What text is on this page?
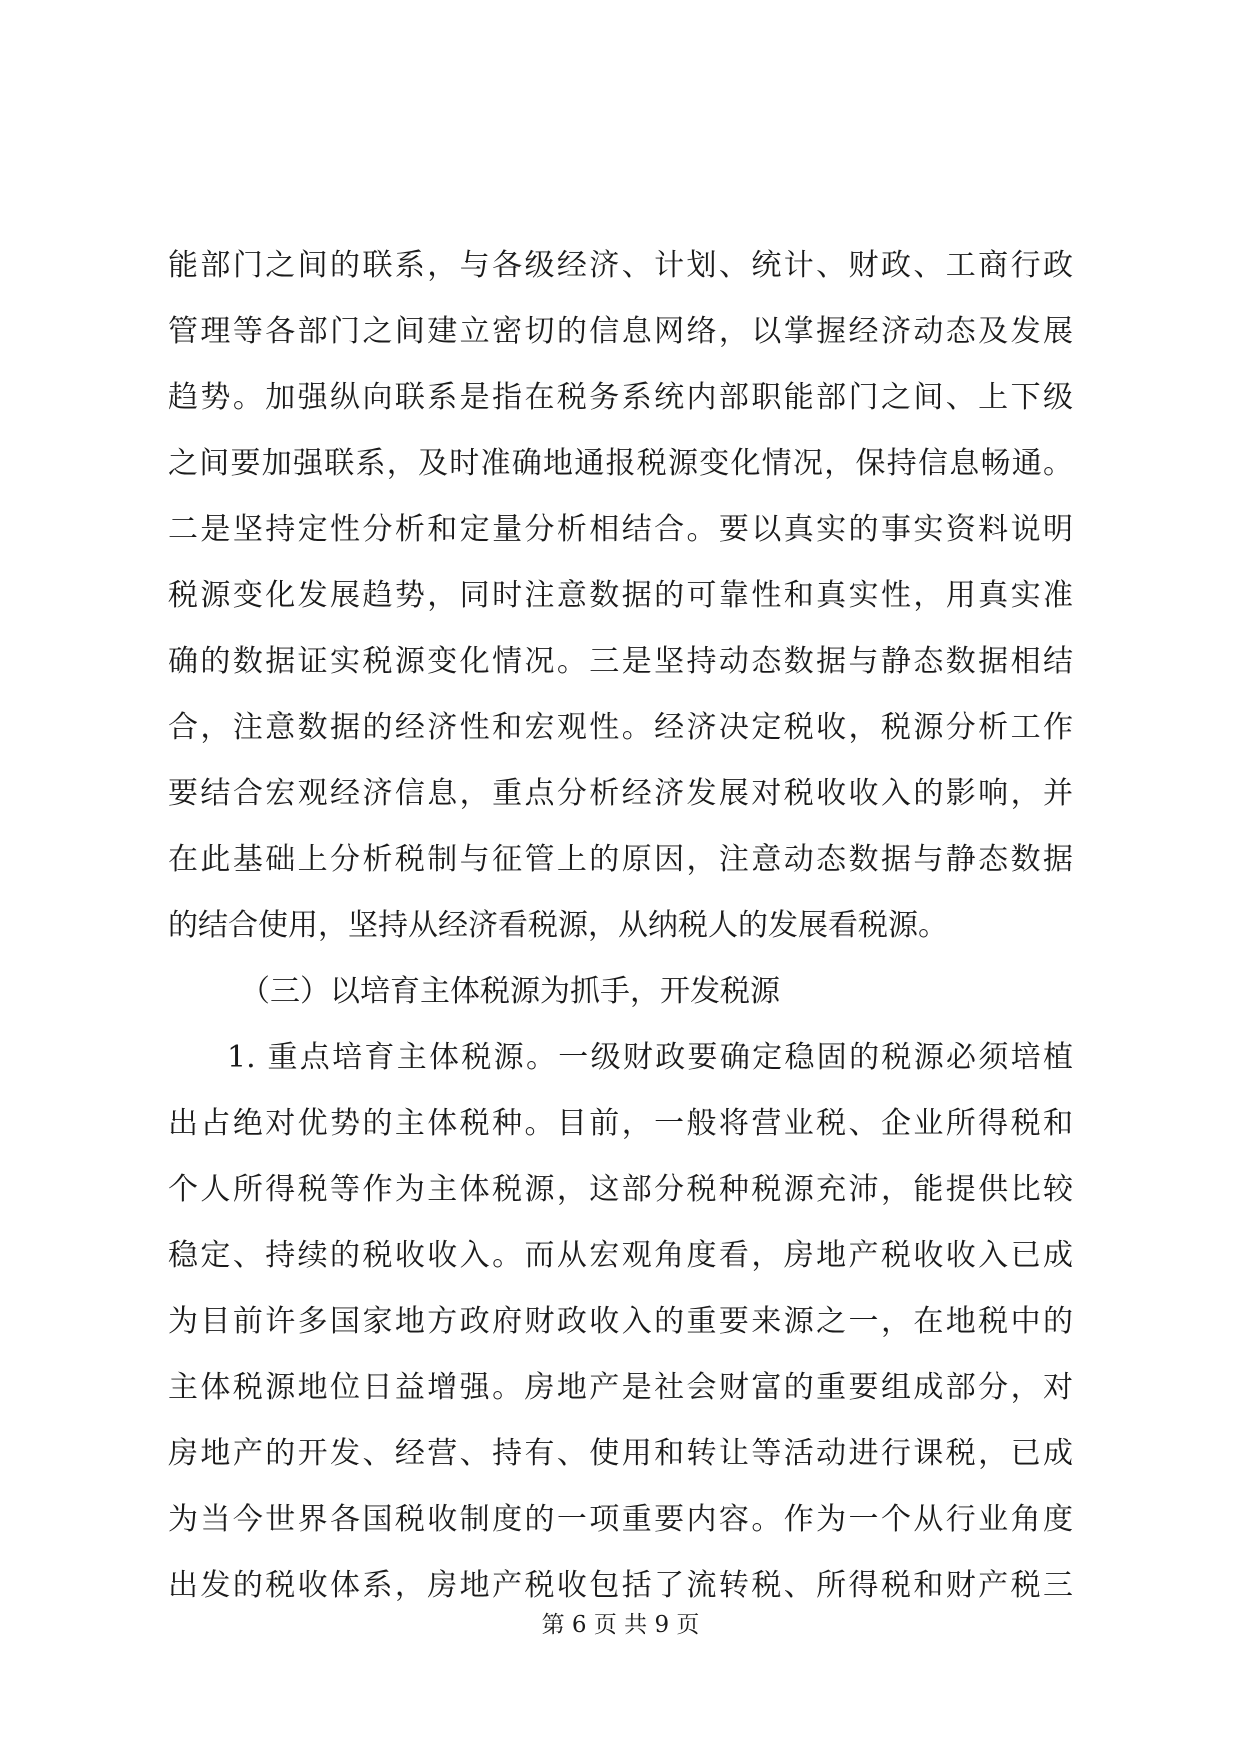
能部门之间的联系，与各级经济、计划、统计、财政、工商行政
管理等各部门之间建立密切的信息网络，以掌握经济动态及发展
趋势。加强纵向联系是指在税务系统内部职能部门之间、上下级
之间要加强联系，及时准确地通报税源变化情况，保持信息畅通。
二是坚持定性分析和定量分析相结合。要以真实的事实资料说明
税源变化发展趋势，同时注意数据的可靠性和真实性，用真实准
确的数据证实税源变化情况。三是坚持动态数据与静态数据相结
合，注意数据的经济性和宏观性。经济决定税收，税源分析工作
要结合宏观经济信息，重点分析经济发展对税收收入的影响，并
在此基础上分析税制与征管上的原因，注意动态数据与静态数据
的结合使用，坚持从经济看税源，从纳税人的发展看税源。
（三）以培育主体税源为抓手，开发税源
1. 重点培育主体税源。一级财政要确定稳固的税源必须培植
出占绝对优势的主体税种。目前，一般将营业税、企业所得税和
个人所得税等作为主体税源，这部分税种税源充沛，能提供比较
稳定、持续的税收收入。而从宏观角度看，房地产税收收入已成
为目前许多国家地方政府财政收入的重要来源之一，在地税中的
主体税源地位日益增强。房地产是社会财富的重要组成部分，对
房地产的开发、经营、持有、使用和转让等活动进行课税，已成
为当今世界各国税收制度的一项重要内容。作为一个从行业角度
出发的税收体系，房地产税收包括了流转税、所得税和财产税三
第 6 页 共 9 页
